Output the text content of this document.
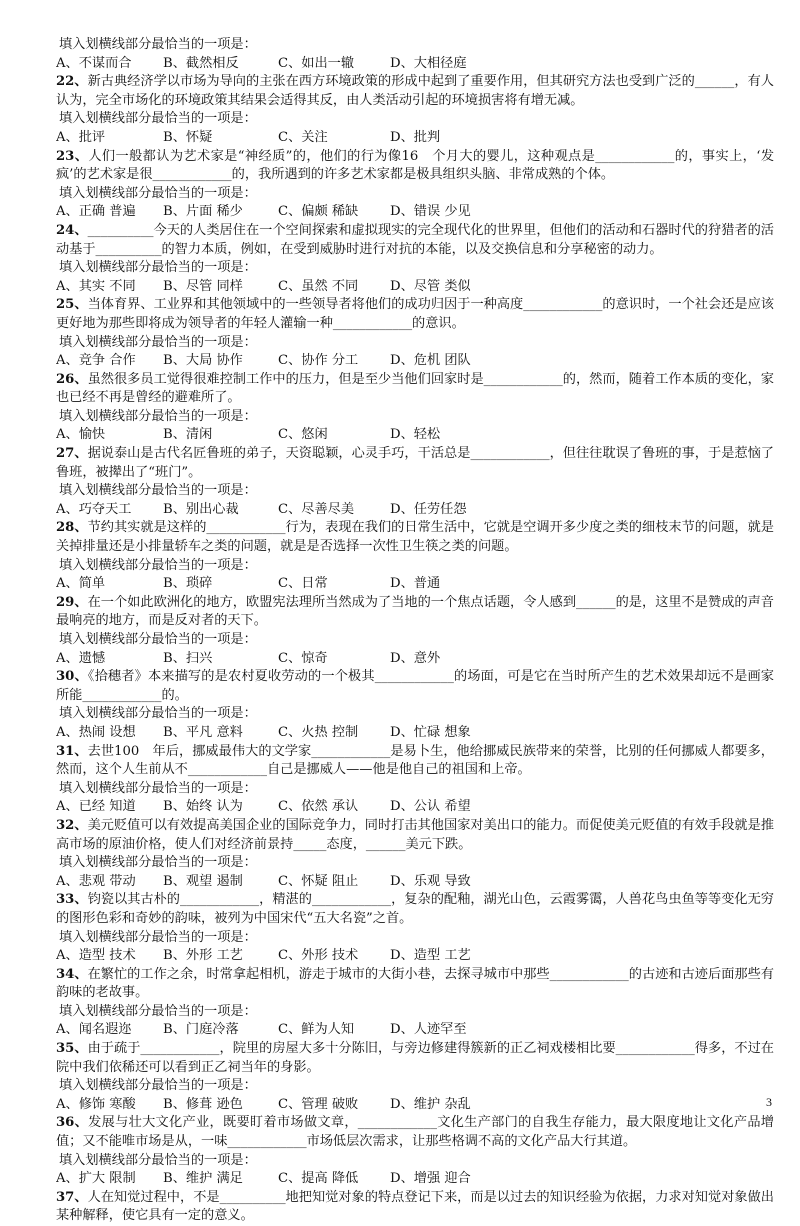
填入划横线部分最恰当的一项是：
A、不谋而合 B、截然相反	C、如出一辙	D、大相径庭
22、新古典经济学以市场为导向的主张在西方环境政策的形成中起到了重要作用，但其研究方法也受到广泛的______，有人认为，完全市场化的环境政策其结果会适得其反，由人类活动引起的环境损害将有增无减。
填入划横线部分最恰当的一项是：
A、批评	B、怀疑	C、关注	D、批判
23、人们一般都认为艺术家是“神经质”的，他们的行为像16　个月大的婴儿，这种观点是____________的，事实上，‘发疯’的艺术家是很____________的，我所遇到的许多艺术家都是极具组织头脑、非常成熟的个体。
填入划横线部分最恰当的一项是：
A、正确 普遍 B、片面 稀少	C、偏颇 稀缺 D、错误 少见
24、__________今天的人类居住在一个空间探索和虚拟现实的完全现代化的世界里，但他们的活动和石器时代的狩猎者的活动基于__________的智力本质，例如，在受到威胁时进行对抗的本能，以及交换信息和分享秘密的动力。
填入划横线部分最恰当的一项是：
A、其实 不同 B、尽管 同样	C、虽然 不同 D、尽管 类似
25、当体育界、工业界和其他领域中的一些领导者将他们的成功归因于一种高度____________的意识时，一个社会还是应该更好地为那些即将成为领导者的年轻人灌输一种____________的意识。
填入划横线部分最恰当的一项是：
A、竞争 合作 B、大局 协作	C、协作 分工 D、危机 团队
26、虽然很多员工觉得很难控制工作中的压力，但是至少当他们回家时是____________的，然而，随着工作本质的变化，家也已经不再是曾经的避难所了。
填入划横线部分最恰当的一项是：
A、愉快	B、清闲	C、悠闲	D、轻松
27、据说泰山是古代名匠鲁班的弟子，天资聪颖，心灵手巧，干活总是____________，但往往耽误了鲁班的事，于是惹恼了鲁班，被撵出了“班门”。
填入划横线部分最恰当的一项是：
A、巧夺天工 B、别出心裁	C、尽善尽美	D、任劳任怨
28、节约其实就是这样的____________行为，表现在我们的日常生活中，它就是空调开多少度之类的细枝末节的问题，就是关掉排量还是小排量轿车之类的问题，就是是否选择一次性卫生筷之类的问题。
填入划横线部分最恰当的一项是：
A、简单	B、琐碎	C、日常	D、普通
29、在一个如此欧洲化的地方，欧盟宪法理所当然成为了当地的一个焦点话题，令人感到______的是，这里不是赞成的声音最响亮的地方，而是反对者的天下。
填入划横线部分最恰当的一项是：
A、遗憾	B、扫兴	C、惊奇	D、意外
30、《拾穗者》本来描写的是农村夏收劳动的一个极其____________的场面，可是它在当时所产生的艺术效果却远不是画家所能____________的。
填入划横线部分最恰当的一项是：
A、热闹 设想 B、平凡 意料	C、火热 控制 D、忙碌 想象
31、去世100　年后，挪威最伟大的文学家____________是易卜生，他给挪威民族带来的荣誉，比别的任何挪威人都要多，然而，这个人生前从不____________自己是挪威人——他是他自己的祖国和上帝。
填入划横线部分最恰当的一项是：
A、已经 知道 B、始终 认为	C、依然 承认 D、公认 希望
32、美元贬值可以有效提高美国企业的国际竞争力，同时打击其他国家对美出口的能力。而促使美元贬值的有效手段就是推高市场的原油价格，使人们对经济前景持_____态度，______美元下跌。
填入划横线部分最恰当的一项是：
A、悲观 带动 B、观望 遏制	C、怀疑 阻止 D、乐观 导致
33、钧瓷以其古朴的____________，精湛的____________，复杂的配釉，湖光山色，云霞雾霭，人兽花鸟虫鱼等等变化无穷的图形色彩和奇妙的韵味，被列为中国宋代“五大名瓷”之首。
填入划横线部分最恰当的一项是：
A、造型 技术 B、外形 工艺	C、外形 技术 D、造型 工艺
34、在繁忙的工作之余，时常拿起相机，游走于城市的大街小巷，去探寻城市中那些____________的古迹和古迹后面那些有韵味的老故事。
填入划横线部分最恰当的一项是：
A、闻名遐迩 B、门庭冷落	C、鲜为人知	D、人迹罕至
35、由于疏于____________，院里的房屋大多十分陈旧，与旁边修建得簇新的正乙祠戏楼相比要____________得多，不过在院中我们依稀还可以看到正乙祠当年的身影。
填入划横线部分最恰当的一项是：
A、修饰 寒酸 B、修葺 逊色	C、管理 破败 D、维护 杂乱
36、发展与壮大文化产业，既要盯着市场做文章，____________文化生产部门的自我生存能力，最大限度地让文化产品增值；又不能唯市场是从，一味____________市场低层次需求，让那些格调不高的文化产品大行其道。
填入划横线部分最恰当的一项是：
A、扩大 限制 B、维护 满足	C、提高 降低 D、增强 迎合
37、人在知觉过程中，不是__________地把知觉对象的特点登记下来，而是以过去的知识经验为依据，力求对知觉对象做出某种解释，使它具有一定的意义。
3
